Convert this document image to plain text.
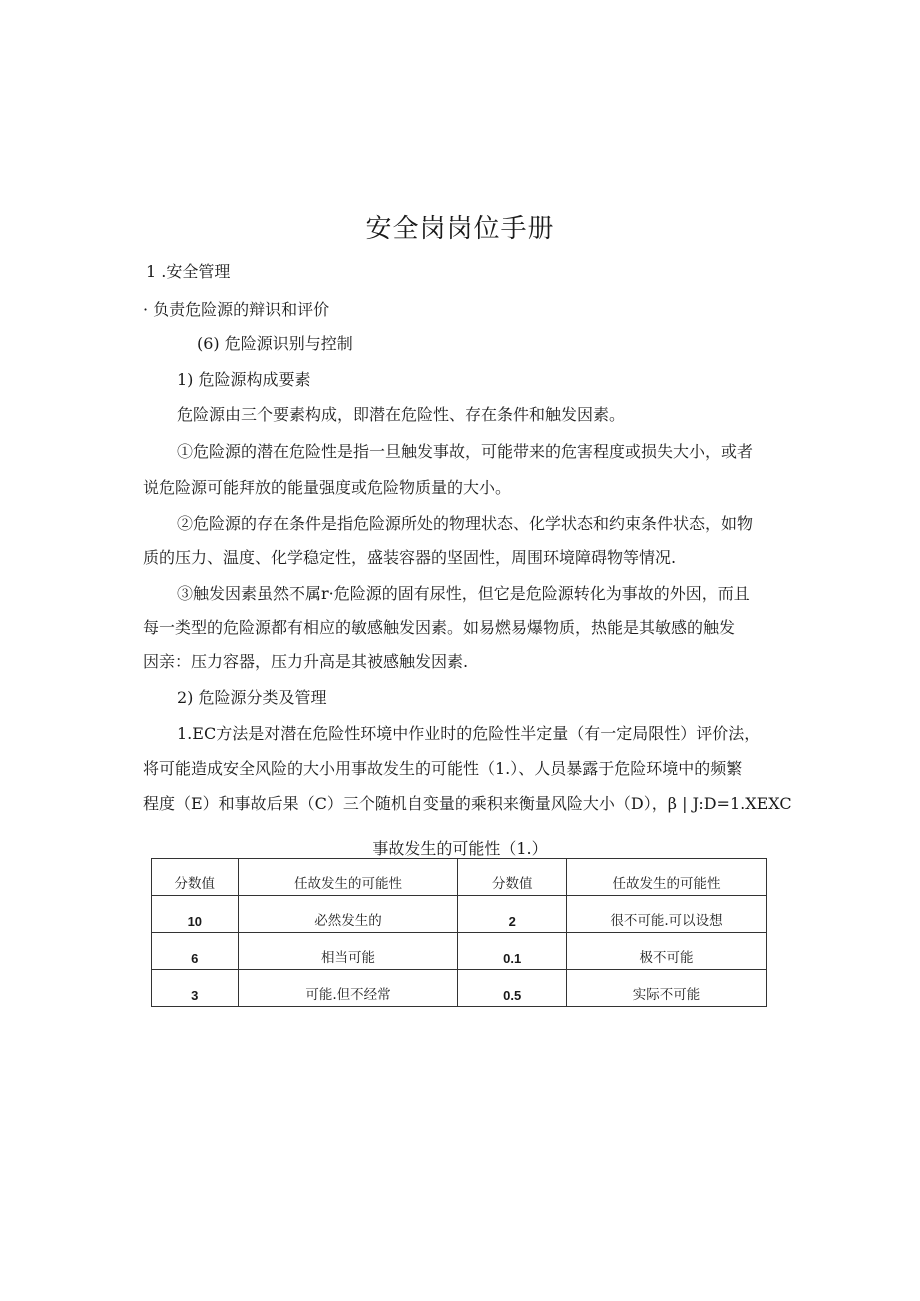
安全岗岗位手册
1 .安全管理
· 负责危险源的辩识和评价
(6) 危险源识别与控制
1) 危险源构成要素
危险源由三个要素构成，即潜在危险性、存在条件和触发因素。
①危险源的潜在危险性是指一旦触发事故，可能带来的危害程度或损失大小，或者
说危险源可能拜放的能量强度或危险物质量的大小。
②危险源的存在条件是指危险源所处的物理状态、化学状态和约束条件状态，如物
质的压力、温度、化学稳定性，盛装容器的坚固性，周围环境障碍物等情况.
③触发因素虽然不属r·危险源的固有尿性，但它是危险源转化为事故的外因，而且
每一类型的危险源都有相应的敏感触发因素。如易燃易爆物质，热能是其敏感的触发
因亲：压力容器，压力升高是其被感触发因素.
2) 危险源分类及管理
1.EC方法是对潜在危险性环境中作业时的危险性半定量（有一定局限性）评价法，
将可能造成安全风险的大小用事故发生的可能性（1.）、人员暴露于危险环境中的频繁
程度（E）和事故后果（C）三个随机自变量的乘积来衡量风险大小（D），β | J:D=1.XEXC
事故发生的可能性（1.）
分数值	任故发生的可能性	分数值	任故发生的可能性
10	必然发生的	2	很不可能.可以设想
6	相当可能	0.1	极不可能
3	可能.但不经常	0.5	实际不可能
